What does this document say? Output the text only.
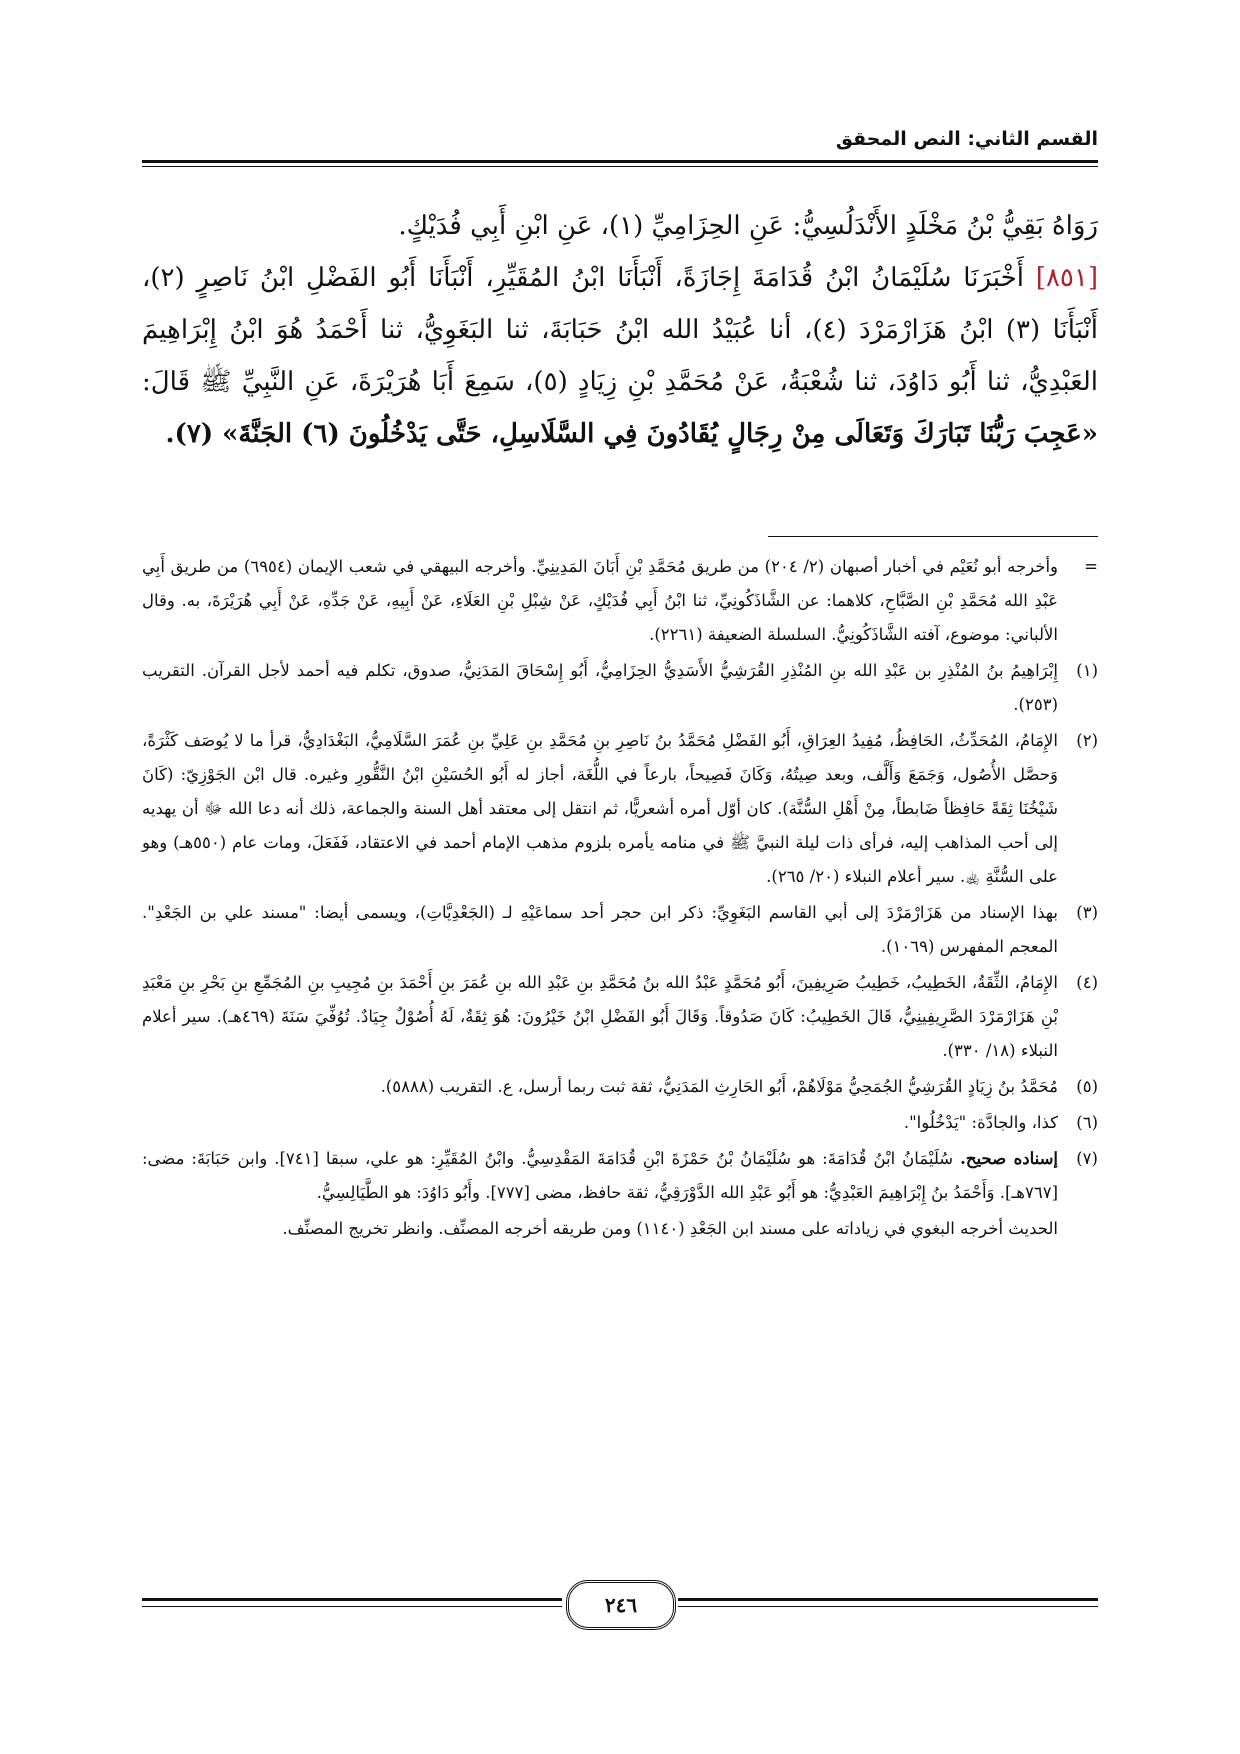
القسم الثاني: النص المحقق

رَوَاهُ بَقِيُّ بْنُ مَخْلَدٍ الأَنْدَلُسِيُّ: عَنِ الحِزَامِيِّ (١)، عَنِ ابْنِ أَبِي فُدَيْكٍ.

[٨٥١] أَخْبَرَنَا سُلَيْمَانُ ابْنُ قُدَامَةَ إِجَازَةً، أَنْبَأَنَا ابْنُ المُقَيِّرِ، أَنْبَأَنَا أَبُو الفَضْلِ ابْنُ نَاصِرٍ (٢)، أَنْبَأَنَا (٣) ابْنُ هَزَارْمَرْدَ (٤)، أنا عُبَيْدُ الله ابْنُ حَبَابَةَ، ثنا البَغَوِيُّ، ثنا أَحْمَدُ هُوَ ابْنُ إِبْرَاهِيمَ العَبْدِيُّ، ثنا أَبُو دَاوُدَ، ثنا شُعْبَةُ، عَنْ مُحَمَّدِ بْنِ زِيَادٍ (٥)، سَمِعَ أَبَا هُرَيْرَةَ، عَنِ النَّبِيِّ ﷺ قَالَ: «عَجِبَ رَبُّنَا تَبَارَكَ وَتَعَالَى مِنْ رِجَالٍ يُقَادُونَ فِي السَّلَاسِلِ، حَتَّى يَدْخُلُونَ (٦) الجَنَّةَ» (٧).

=وأخرجه أبو نُعَيْم في أخبار أصبهان (٢/ ٢٠٤) من طريق مُحَمَّدِ بْنِ أَبَانَ المَدِينِيِّ. وأخرجه البيهقي في شعب الإيمان (٦٩٥٤) من طريق أَبِي عَبْدِ الله مُحَمَّدِ بْنِ الصَّبَّاحِ، كلاهما: عن الشَّاذَكُونِيِّ، ثنا ابْنُ أَبِي فُدَيْكٍ، عَنْ شِبْلِ بْنِ العَلَاءِ، عَنْ أَبِيهِ، عَنْ جَدِّهِ، عَنْ أَبِي هُرَيْرَةَ، به. وقال الألباني: موضوع، آفته الشَّاذَكُونِيُّ. السلسلة الضعيفة (٢٢٦١).

(١)إِبْرَاهِيمُ بنُ المُنْذِرِ بن عَبْدِ الله بنِ المُنْذِرِ القُرَشِيُّ الأَسَدِيُّ الحِزَامِيُّ، أَبُو إِسْحَاقَ المَدَنِيُّ، صدوق، تكلم فيه أحمد لأجل القرآن. التقريب (٢٥٣).

(٢)الإِمَامُ، المُحَدِّثُ، الحَافِظُ، مُفِيدُ العِرَاقِ، أَبُو الفَضْلِ مُحَمَّدُ بنُ نَاصِرِ بنِ مُحَمَّدِ بنِ عَلِيِّ بنِ عُمَرَ السَّلَامِيُّ، البَغْدَادِيُّ، قرأ ما لا يُوصَف كَثْرَةً، وَحصَّل الأُصُول، وَجَمَعَ وَأَلَّف، وبعد صِيتُهُ، وَكَانَ فَصِيحاً، بارعاً في اللُّغَة، أجاز له أَبُو الحُسَيْنِ ابْنُ النَّقُّورِ وغيره. قال ابْن الجَوْزِيّ: (كَانَ شَيْخُنَا ثِقَةً حَافِظاً ضَابطاً، مِنْ أَهْلِ السُّنَّة). كان أوّل أمره أشعريًّا، ثم انتقل إلى معتقد أهل السنة والجماعة، ذلك أنه دعا الله ﷻ أن يهديه إلى أحب المذاهب إليه، فرأى ذات ليلة النبيَّ ﷺ في منامه يأمره بلزوم مذهب الإمام أحمد في الاعتقاد، فَفَعَلَ، ومات عام (٥٥٠هـ) وهو على السُّنَّةِ ﵀. سير أعلام النبلاء (٢٠/ ٢٦٥).

(٣)بهذا الإسناد من هَزَارْمَرْدَ إلى أبي القاسم البَغَوِيِّ: ذكر ابن حجر أحد سماعَيْهِ لـ (الجَعْدِيَّاتِ)، ويسمى أيضا: "مسند علي بن الجَعْدِ". المعجم المفهرس (١٠٦٩).

(٤)الإِمَامُ، الثِّقَةُ، الخَطِيبُ، خَطِيبُ صَرِيفِينَ، أَبُو مُحَمَّدٍ عَبْدُ الله بنُ مُحَمَّدِ بنِ عَبْدِ الله بنِ عُمَرَ بنِ أَحْمَدَ بنِ مُجِيبِ بنِ المُجَمِّعِ بنِ بَحْرِ بنِ مَعْبَدِ بْنِ هَزَارْمَرْدَ الصَّرِيفِينِيُّ، قَالَ الخَطِيبُ: كَانَ صَدُوقاً. وَقَالَ أَبُو الفَضْلِ ابْنُ خَيْرُونَ: هُوَ ثِقَةٌ، لَهُ أُصُوْلٌ جِيَادٌ. تُوُفِّيَ سَنَةَ (٤٦٩هـ). سير أعلام النبلاء (١٨/ ٣٣٠).

(٥)مُحَمَّدُ بنُ زِيَادٍ القُرَشِيُّ الجُمَحِيُّ مَوْلَاهُمْ، أَبُو الحَارِثِ المَدَنِيُّ، ثقة ثبت ربما أرسل، ع. التقريب (٥٨٨٨).

(٦)كذا، والجادَّة: "يَدْخُلُوا".

(٧)إسناده صحيح. سُلَيْمَانُ ابْنُ قُدَامَةَ: هو سُلَيْمَانُ بْنُ حَمْزَةَ ابْنِ قُدَامَةَ المَقْدِسِيُّ. وابْنُ المُقَيِّرِ: هو علي، سبقا [٧٤١]. وابن حَبَابَةَ: مضى: [٧٦٧هـ]. وَأَحْمَدُ بنُ إِبْرَاهِيمَ العَبْدِيُّ: هو أَبُو عَبْدِ الله الدَّوْرَقِيُّ، ثقة حافظ، مضى [٧٧٧]. وأَبُو دَاوُدَ: هو الطَّيَالِسِيُّ.

الحديث أخرجه البغوي في زياداته على مسند ابن الجَعْدِ (١١٤٠) ومن طريقه أخرجه المصنِّف. وانظر تخريج المصنِّف.

٢٤٦
